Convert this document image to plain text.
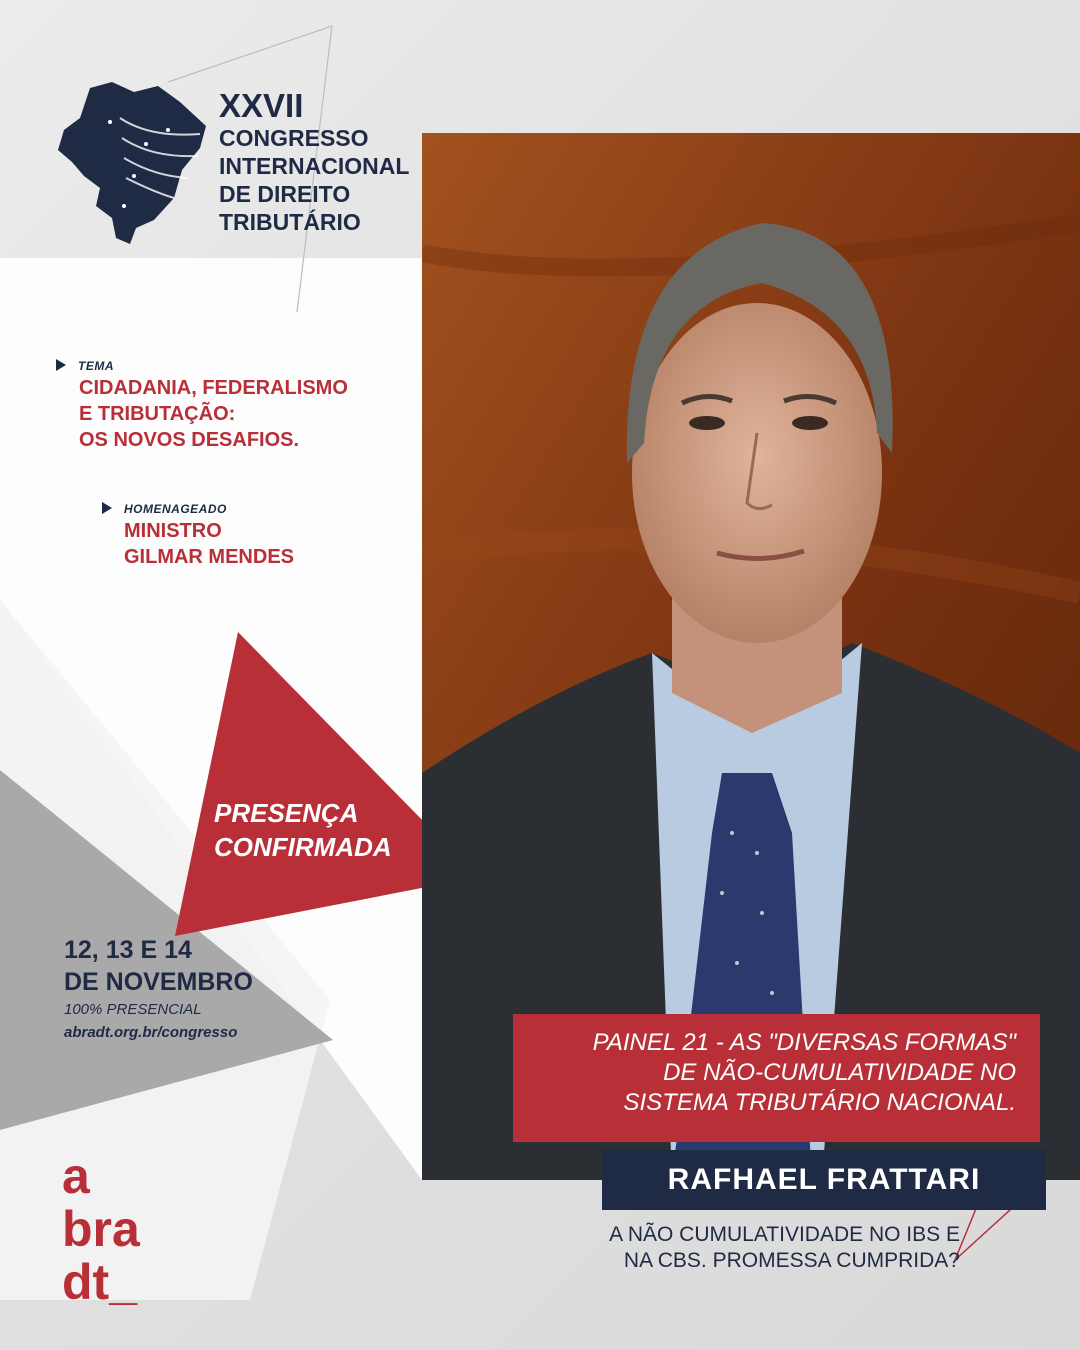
XXVII
CONGRESSO
INTERNACIONAL
DE DIREITO
TRIBUTÁRIO
TEMA
CIDADANIA, FEDERALISMO
E TRIBUTAÇÃO:
OS NOVOS DESAFIOS.
HOMENAGEADO
MINISTRO
GILMAR MENDES
PRESENÇA
CONFIRMADA
12, 13 E 14
DE NOVEMBRO
100% PRESENCIAL
abradt.org.br/congresso	PAINEL 21 - AS "DIVERSAS FORMAS"
DE NÃO-CUMULATIVIDADE NO
SISTEMA TRIBUTÁRIO NACIONAL.
RAFHAEL FRATTARI
A NÃO CUMULATIVIDADE NO IBS E
NA CBS. PROMESSA CUMPRIDA?
a
bra
dt_
